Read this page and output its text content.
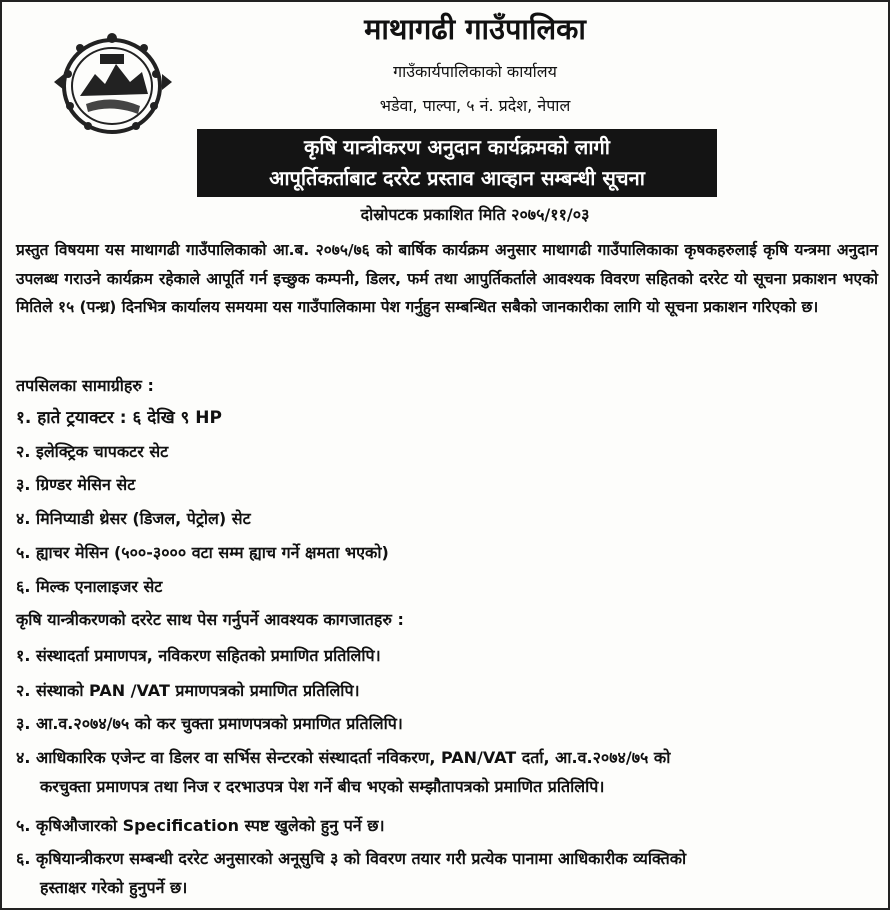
माथागढी गाउँपालिका
गाउँकार्यपालिकाको कार्यालय
भडेवा, पाल्पा, ५ नं. प्रदेश, नेपाल
कृषि यान्त्रीकरण अनुदान कार्यक्रमको लागी
आपूर्तिकर्ताबाट दररेट प्रस्ताव आव्हान सम्बन्धी सूचना
दोस्रोपटक प्रकाशित मिति २०७५/११/०३
प्रस्तुत विषयमा यस माथागढी गाउँपालिकाको आ.ब. २०७५/७६ को बार्षिक कार्यक्रम अनुसार माथागढी गाउँपालिकाका कृषकहरुलाई कृषि यन्त्रमा अनुदान उपलब्ध गराउने कार्यक्रम रहेकाले आपूर्ति गर्न इच्छुक कम्पनी, डिलर, फर्म तथा आपुर्तिकर्ताले आवश्यक विवरण सहितको दररेट यो सूचना प्रकाशन भएको मितिले १५ (पन्ध्र) दिनभित्र कार्यालय समयमा यस गाउँपालिकामा पेश गर्नुहुन सम्बन्धित सबैको जानकारीका लागि यो सूचना प्रकाशन गरिएको छ।
तपसिलका सामाग्रीहरु :
१. हाते ट्रयाक्टर : ६ देखि ९ HP
२. इलेक्ट्रिक चापकटर सेट
३. ग्रिण्डर मेसिन सेट
४. मिनिप्याडी थ्रेसर (डिजल, पेट्रोल) सेट
५. ह्याचर मेसिन (५००-३००० वटा सम्म ह्याच गर्ने क्षमता भएको)
६. मिल्क एनालाइजर सेट
कृषि यान्त्रीकरणको दररेट साथ पेस गर्नुपर्ने आवश्यक कागजातहरु :
१. संस्थादर्ता प्रमाणपत्र, नविकरण सहितको प्रमाणित प्रतिलिपि।
२. संस्थाको PAN /VAT प्रमाणपत्रको प्रमाणित प्रतिलिपि।
३. आ.व.२०७४/७५ को कर चुक्ता प्रमाणपत्रको प्रमाणित प्रतिलिपि।
४. आधिकारिक एजेन्ट वा डिलर वा सर्भिस सेन्टरको संस्थादर्ता नविकरण, PAN/VAT दर्ता, आ.व.२०७४/७५ को
करचुक्ता प्रमाणपत्र तथा निज र दरभाउपत्र पेश गर्ने बीच भएको सम्झौतापत्रको प्रमाणित प्रतिलिपि।
५. कृषिऔजारको Specification स्पष्ट खुलेको हुनु पर्ने छ।
६. कृषियान्त्रीकरण सम्बन्धी दररेट अनुसारको अनूसुचि ३ को विवरण तयार गरी प्रत्येक पानामा आधिकारीक व्यक्तिको
हस्ताक्षर गरेको हुनुपर्ने छ।
